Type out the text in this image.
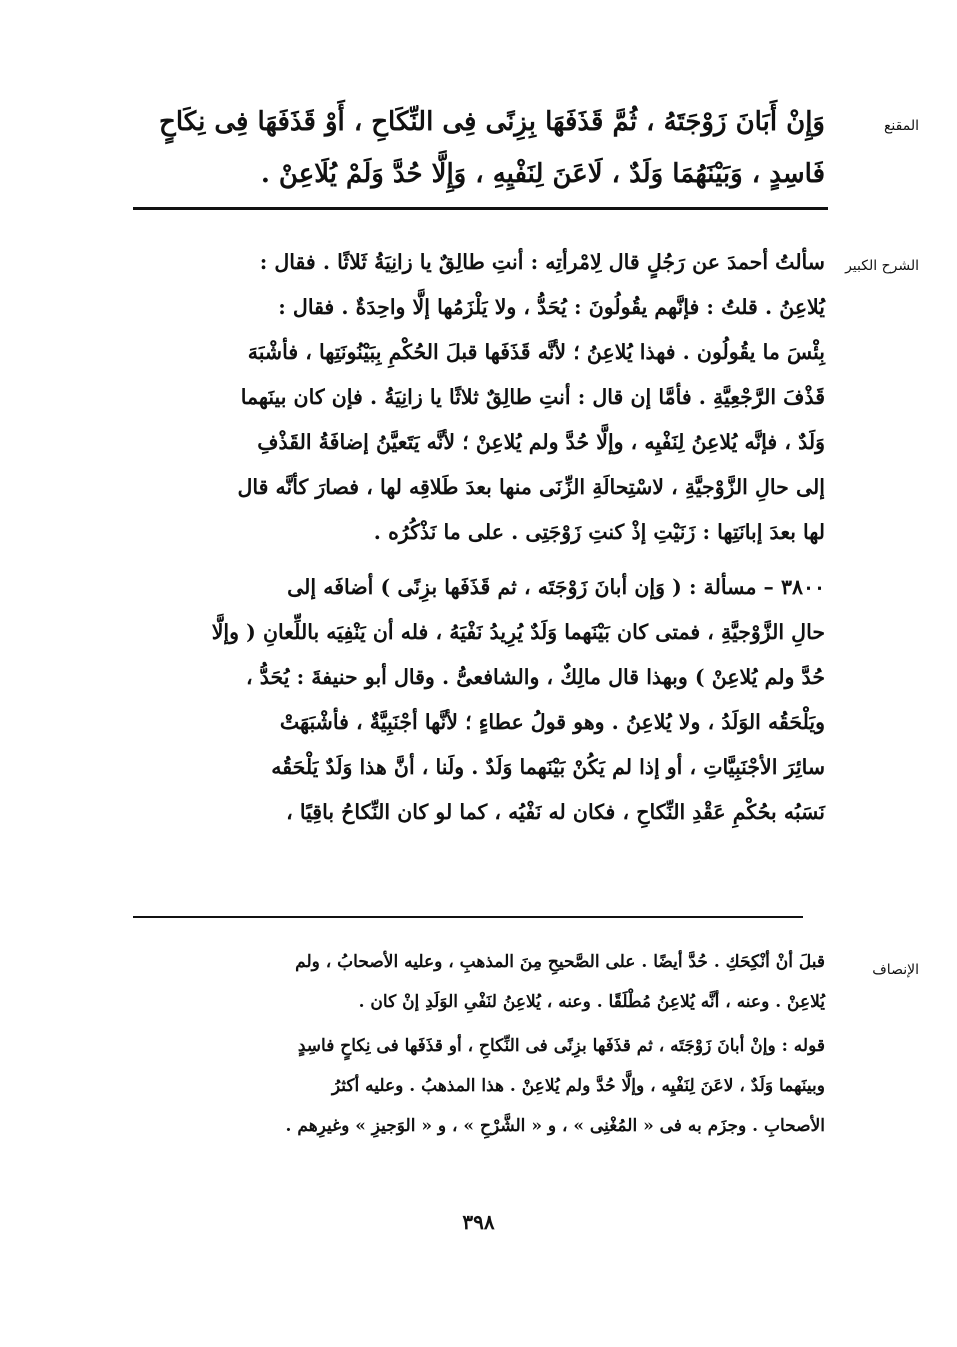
المقنع

وَإِنْ أَبَانَ زَوْجَتَهُ ، ثُمَّ قَذَفَهَا بِزِنًى فِى النِّكَاحِ ، أَوْ قَذَفَهَا فِى نِكَاحٍ

فَاسِدٍ ، وَبَيْنَهُمَا وَلَدٌ ، لَاعَنَ لِنَفْيِهِ ، وَإِلَّا حُدَّ وَلَمْ يُلَاعِنْ .

الشرح الكبير

سألتُ أحمدَ عن رَجُلٍ قال لِامْرأتِه : أنتِ طالِقٌ يا زانِيَةُ ثَلاثًا . فقال :

يُلاعِنُ . قلتُ : فإنَّهم يقُولُونَ : يُحَدُّ ، ولا يَلْزَمُها إلَّا واحِدَةٌ . فقال :

بِئْسَ ما يقُولُون . فهذا يُلاعِنُ ؛ لأنَّه قَذَفَها قبلَ الحُكْمِ بِبَيْنُونَتِها ، فأشْبَهَ

قَذْفَ الرَّجْعِيَّةِ . فأمَّا إن قال : أنتِ طالِقٌ ثلاثًا يا زانِيَةُ . فإن كان بينَهما

وَلَدٌ ، فإنَّه يُلاعِنُ لِنَفْيِه ، وإلَّا حُدَّ ولم يُلاعِنْ ؛ لأنَّه يَتَعيَّنُ إضافَةُ القَذْفِ

إلى حالِ الزَّوْجيَّةِ ، لاسْتِحالَةِ الزِّنَى منها بعدَ طَلاقِه لها ، فصارَ كأنَّه قال

لها بعدَ إبانَتِها : زَنَيْتِ إذْ كنتِ زَوْجَتِى . على ما نَذْكُرُه .

٣٨٠٠ – مسألة : ( وَإن أبانَ زَوْجَتَه ، ثم قَذَفَها بزِنًى ) أضافَه إلى

حالِ الزَّوْجيَّةِ ، فمتى كان بَيْنَهما وَلَدٌ يُرِيدُ نَفْيَهُ ، فله أن يَنْفِيَه باللِّعانِ ( وإلَّا

حُدَّ ولم يُلاعِنْ ) وبهذا قال مالِكٌ ، والشافعىُّ . وقال أبو حنيفةَ : يُحَدُّ ،

ويَلْحَقُه الوَلَدُ ، ولا يُلاعِنُ . وهو قولُ عطاءٍ ؛ لأنَّها أجْنَبِيَّةٌ ، فأشْبَهَتْ

سائِرَ الأجْنَبِيَّاتِ ، أو إذا لم يَكُنْ بَيْنَهما وَلَدٌ . ولَنا ، أنَّ هذا وَلَدٌ يَلْحَقُه

نَسَبُه بحُكْمِ عَقْدِ النِّكاحِ ، فكان له نَفْيُه ، كما لو كان النِّكاحُ باقِيًا ،

الإنصاف

قبلَ أنْ أنْكِحَكِ . حُدَّ أيضًا . على الصَّحيحِ مِنَ المذهبِ ، وعليه الأصحابُ ، ولم

يُلاعِنْ . وعنه ، أنَّه يُلاعِنُ مُطْلَقًا . وعنه ، يُلاعِنُ لنَفْىِ الوَلَدِ إنْ كان .

قوله : وإنْ أبانَ زَوْجَتَه ، ثم قذَفَها بزِنًى فى النِّكاحِ ، أو قذَفَها فى نِكاحٍ فاسِدٍ

وبينَهما وَلَدٌ ، لاعَنَ لِنَفْيِه ، وإلَّا حُدَّ ولم يُلاعِنْ . هذا المذهبُ . وعليه أكثرُ

الأصحابِ . وجزَم به فى « المُغْنِى » ، و « الشَّرْحِ » ، و « الوَجيزِ » وغيرِهم .

٣٩٨
